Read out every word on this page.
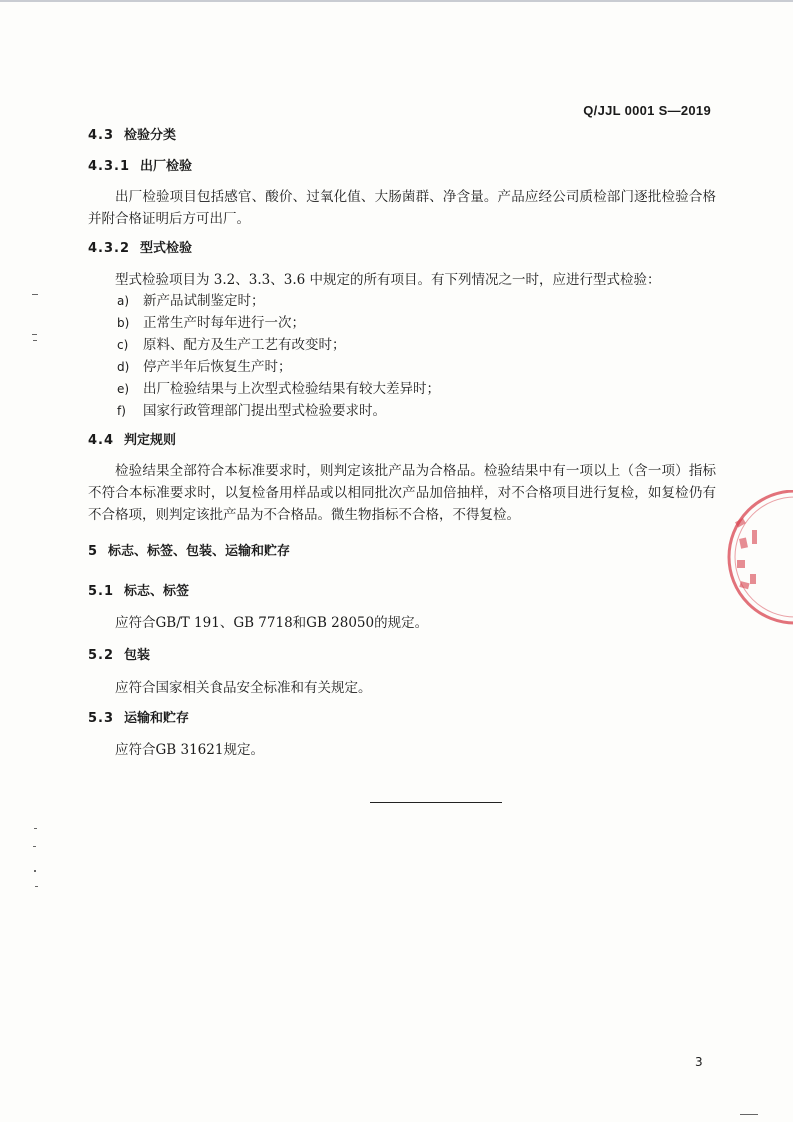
Q/JJL 0001 S—2019
4.3 检验分类
4.3.1 出厂检验
出厂检验项目包括感官、酸价、过氧化值、大肠菌群、净含量。产品应经公司质检部门逐批检验合格并附合格证明后方可出厂。
4.3.2 型式检验
型式检验项目为 3.2、3.3、3.6 中规定的所有项目。有下列情况之一时，应进行型式检验：
a) 新产品试制鉴定时；
b) 正常生产时每年进行一次；
c) 原料、配方及生产工艺有改变时；
d) 停产半年后恢复生产时；
e) 出厂检验结果与上次型式检验结果有较大差异时；
f) 国家行政管理部门提出型式检验要求时。
4.4 判定规则
检验结果全部符合本标准要求时，则判定该批产品为合格品。检验结果中有一项以上（含一项）指标不符合本标准要求时，以复检备用样品或以相同批次产品加倍抽样，对不合格项目进行复检，如复检仍有不合格项，则判定该批产品为不合格品。微生物指标不合格，不得复检。
5 标志、标签、包装、运输和贮存
5.1 标志、标签
应符合GB/T 191、GB 7718和GB 28050的规定。
5.2 包装
应符合国家相关食品安全标准和有关规定。
5.3 运输和贮存
应符合GB 31621规定。
3
